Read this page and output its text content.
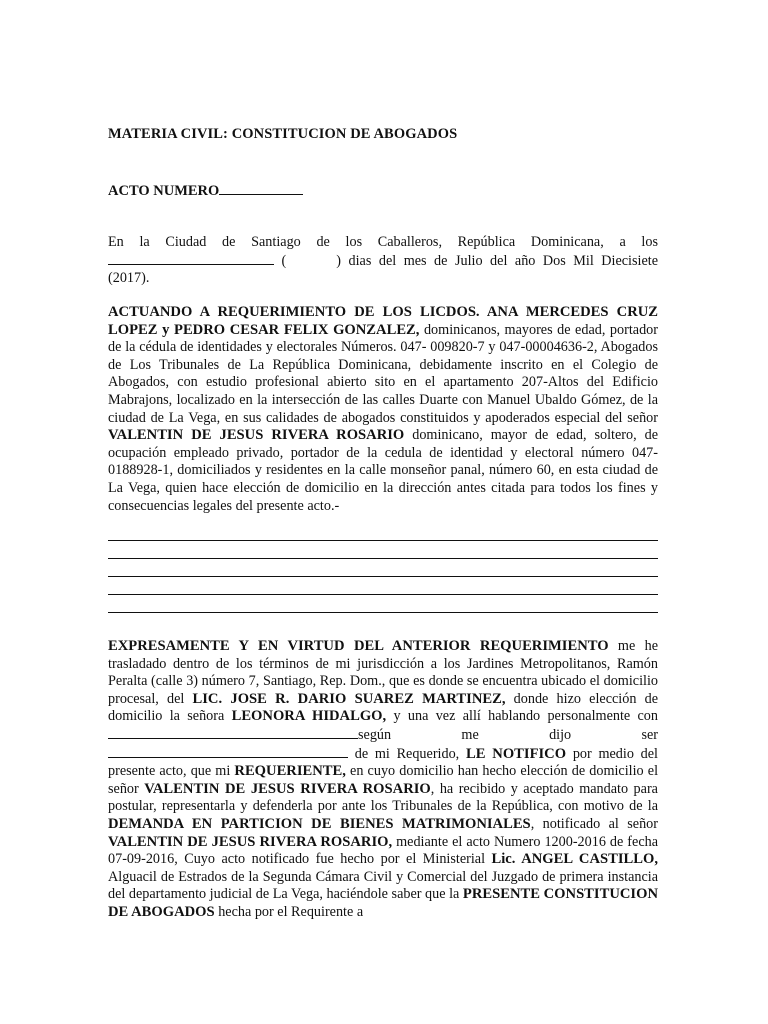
MATERIA CIVIL: CONSTITUCION DE ABOGADOS
ACTO NUMERO

En la Ciudad de Santiago de los Caballeros, República Dominicana, a los  (	) dias del mes de Julio del año Dos Mil Diecisiete (2017).

ACTUANDO A REQUERIMIENTO DE LOS LICDOS. ANA MERCEDES CRUZ LOPEZ y PEDRO CESAR FELIX GONZALEZ, dominicanos, mayores de edad, portador de la cédula de identidades y electorales Números. 047- 009820-7 y 047-00004636-2, Abogados de Los Tribunales de La República Dominicana, debidamente inscrito en el Colegio de Abogados, con estudio profesional abierto sito en el apartamento 207-Altos del Edificio Mabrajons, localizado en la intersección de las calles Duarte con Manuel Ubaldo Gómez, de la ciudad de La Vega, en sus calidades de abogados constituidos y apoderados especial del señor VALENTIN DE JESUS RIVERA ROSARIO dominicano, mayor de edad, soltero, de ocupación empleado privado, portador de la cedula de identidad y electoral número 047- 0188928-1, domiciliados y residentes en la calle monseñor panal, número 60, en esta ciudad de La Vega, quien hace elección de domicilio en la dirección antes citada para todos los fines y consecuencias legales del presente acto.-

EXPRESAMENTE Y EN VIRTUD DEL ANTERIOR REQUERIMIENTO me he trasladado dentro de los términos de mi jurisdicción a los Jardines Metropolitanos, Ramón Peralta (calle 3) número 7, Santiago, Rep. Dom., que es donde se encuentra ubicado el domicilio procesal, del LIC. JOSE R. DARIO SUAREZ MARTINEZ, donde hizo elección de domicilio la señora LEONORA HIDALGO, y una vez allí hablando personalmente con según me dijo ser  de mi Requerido, LE NOTIFICO por medio del presente acto, que mi REQUERIENTE, en cuyo domicilio han hecho elección de domicilio el señor VALENTIN DE JESUS RIVERA ROSARIO, ha recibido y aceptado mandato para postular, representarla y defenderla por ante los Tribunales de la República, con motivo de la DEMANDA EN PARTICION DE BIENES MATRIMONIALES, notificado al señor VALENTIN DE JESUS RIVERA ROSARIO, mediante el acto Numero 1200-2016 de fecha 07-09-2016, Cuyo acto notificado fue hecho por el Ministerial Lic. ANGEL CASTILLO, Alguacil de Estrados de la Segunda Cámara Civil y Comercial del Juzgado de primera instancia del departamento judicial de La Vega, haciéndole saber que la PRESENTE CONSTITUCION DE ABOGADOS hecha por el Requirente a
